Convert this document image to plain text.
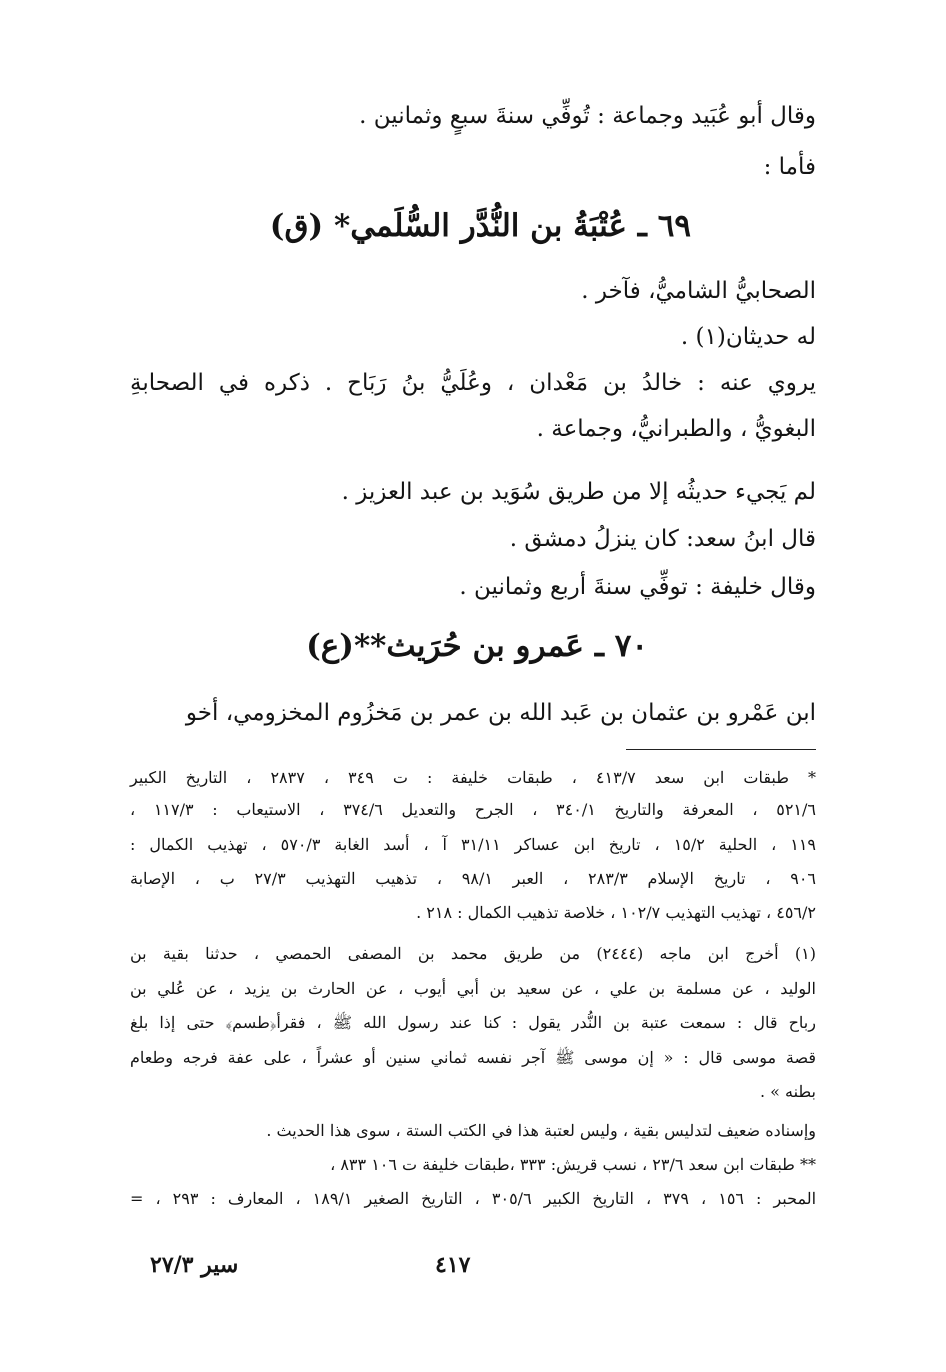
وقال أبو عُبَيد وجماعة : تُوفِّي سنةَ سبعٍ وثمانين .
فأما :
٦٩ ـ عُتْبَةُ بن النُّدَّر السُّلَمي* (ق)
الصحابيُّ الشاميُّ، فآخر .
له حديثان(١) .
يروي عنه : خالدُ بن مَعْدان ، وعُلَيُّ بنُ رَبَاح . ذكره في الصحابةِ
البغويُّ ، والطبرانيُّ، وجماعة .
لم يَجيء حديثُه إلا من طريق سُوَيد بن عبد العزيز .
قال ابنُ سعد: كان ينزلُ دمشق .
وقال خليفة : توفِّي سنةَ أربع وثمانين .
٧٠ ـ عَمرو بن حُرَيث**(ع)
ابن عَمْرو بن عثمان بن عَبد الله بن عمر بن مَخزُوم المخزومي، أخو
* طبقات ابن سعد ٤١٣/٧ ، طبقات خليفة : ت ٣٤٩ ، ٢٨٣٧ ، التاريخ الكبير
٥٢١/٦ ، المعرفة والتاريخ ٣٤٠/١ ، الجرح والتعديل ٣٧٤/٦ ، الاستيعاب : ١١٧/٣ ،
١١٩ ، الحلية ١٥/٢ ، تاريخ ابن عساكر ٣١/١١ آ ، أسد الغابة ٥٧٠/٣ ، تهذيب الكمال :
٩٠٦ ، تاريخ الإسلام ٢٨٣/٣ ، العبر ٩٨/١ ، تذهيب التهذيب ٢٧/٣ ب ، الإصابة
٤٥٦/٢ ، تهذيب التهذيب ١٠٢/٧ ، خلاصة تذهيب الكمال : ٢١٨ .
(١) أخرج ابن ماجه (٢٤٤٤) من طريق محمد بن المصفى الحمصي ، حدثنا بقية بن
الوليد ، عن مسلمة بن علي ، عن سعيد بن أبي أيوب ، عن الحارث بن يزيد ، عن عُلي بن
رباح قال : سمعت عتبة بن النُّدر يقول : كنا عند رسول الله ﷺ ، فقرأ﴿طسم﴾ حتى إذا بلغ
قصة موسى قال : « إن موسى ﷺ آجر نفسه ثماني سنين أو عشراً ، على عفة فرجه وطعام
بطنه » .
وإسناده ضعيف لتدليس بقية ، وليس لعتبة هذا في الكتب الستة ، سوى هذا الحديث .
** طبقات ابن سعد ٢٣/٦ ، نسب قريش: ٣٣٣ ،طبقات خليفة ت ١٠٦ ٨٣٣ ،
المحبر : ١٥٦ ، ٣٧٩ ، التاريخ الكبير ٣٠٥/٦ ، التاريخ الصغير ١٨٩/١ ، المعارف : ٢٩٣ ، =
٤١٧
سير ٢٧/٣
